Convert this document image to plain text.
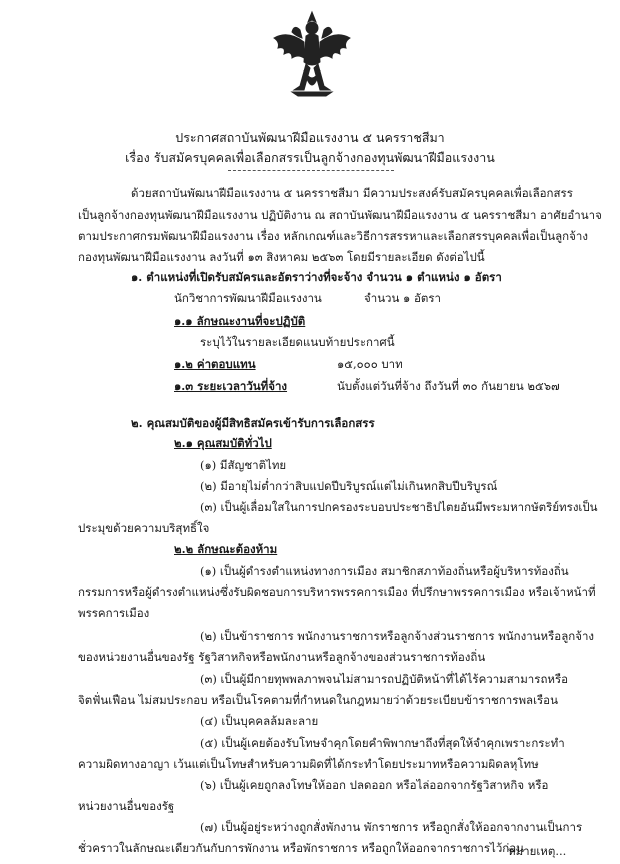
ประกาศสถาบันพัฒนาฝีมือแรงงาน ๕ นครราชสีมา
เรื่อง รับสมัครบุคคลเพื่อเลือกสรรเป็นลูกจ้างกองทุนพัฒนาฝีมือแรงงาน
ด้วยสถาบันพัฒนาฝีมือแรงงาน ๕ นครราชสีมา มีความประสงค์รับสมัครบุคคลเพื่อเลือกสรร
เป็นลูกจ้างกองทุนพัฒนาฝีมือแรงงาน ปฏิบัติงาน ณ สถาบันพัฒนาฝีมือแรงงาน ๕ นครราชสีมา อาศัยอำนาจ
ตามประกาศกรมพัฒนาฝีมือแรงงาน เรื่อง หลักเกณฑ์และวิธีการสรรหาและเลือกสรรบุคคลเพื่อเป็นลูกจ้าง
กองทุนพัฒนาฝีมือแรงงาน ลงวันที่ ๑๓ สิงหาคม ๒๕๖๓ โดยมีรายละเอียด ดังต่อไปนี้
๑. ตำแหน่งที่เปิดรับสมัครและอัตราว่างที่จะจ้าง จำนวน ๑ ตำแหน่ง ๑ อัตรา
นักวิชาการพัฒนาฝีมือแรงงาน	จำนวน ๑ อัตรา
๑.๑ ลักษณะงานที่จะปฏิบัติ
ระบุไว้ในรายละเอียดแนบท้ายประกาศนี้
๑.๒ ค่าตอบแทน	๑๕,๐๐๐ บาท
๑.๓ ระยะเวลาวันที่จ้าง	นับตั้งแต่วันที่จ้าง ถึงวันที่ ๓๐ กันยายน ๒๕๖๗
๒. คุณสมบัติของผู้มีสิทธิสมัครเข้ารับการเลือกสรร
๒.๑ คุณสมบัติทั่วไป
(๑) มีสัญชาติไทย
(๒) มีอายุไม่ต่ำกว่าสิบแปดปีบริบูรณ์แต่ไม่เกินหกสิบปีบริบูรณ์
(๓) เป็นผู้เลื่อมใสในการปกครองระบอบประชาธิปไตยอันมีพระมหากษัตริย์ทรงเป็น
ประมุขด้วยความบริสุทธิ์ใจ
๒.๒ ลักษณะต้องห้าม
(๑) เป็นผู้ดำรงตำแหน่งทางการเมือง สมาชิกสภาท้องถิ่นหรือผู้บริหารท้องถิ่น
กรรมการหรือผู้ดำรงตำแหน่งซึ่งรับผิดชอบการบริหารพรรคการเมือง ที่ปรึกษาพรรคการเมือง หรือเจ้าหน้าที่
พรรคการเมือง
(๒) เป็นข้าราชการ พนักงานราชการหรือลูกจ้างส่วนราชการ พนักงานหรือลูกจ้าง
ของหน่วยงานอื่นของรัฐ รัฐวิสาหกิจหรือพนักงานหรือลูกจ้างของส่วนราชการท้องถิ่น
(๓) เป็นผู้มีกายทุพพลภาพจนไม่สามารถปฏิบัติหน้าที่ได้ไร้ความสามารถหรือ
จิตฟั่นเฟือน ไม่สมประกอบ หรือเป็นโรคตามที่กำหนดในกฎหมายว่าด้วยระเบียบข้าราชการพลเรือน
(๔) เป็นบุคคลล้มละลาย
(๕) เป็นผู้เคยต้องรับโทษจำคุกโดยคำพิพากษาถึงที่สุดให้จำคุกเพราะกระทำ
ความผิดทางอาญา เว้นแต่เป็นโทษสำหรับความผิดที่ได้กระทำโดยประมาทหรือความผิดลหุโทษ
(๖) เป็นผู้เคยถูกลงโทษให้ออก ปลดออก หรือไล่ออกจากรัฐวิสาหกิจ หรือ
หน่วยงานอื่นของรัฐ
(๗) เป็นผู้อยู่ระหว่างถูกสั่งพักงาน พักราชการ หรือถูกสั่งให้ออกจากงานเป็นการ
ชั่วคราวในลักษณะเดียวกันกับการพักงาน หรือพักราชการ หรือถูกให้ออกจากราชการไว้ก่อน
หมายเหตุ...
